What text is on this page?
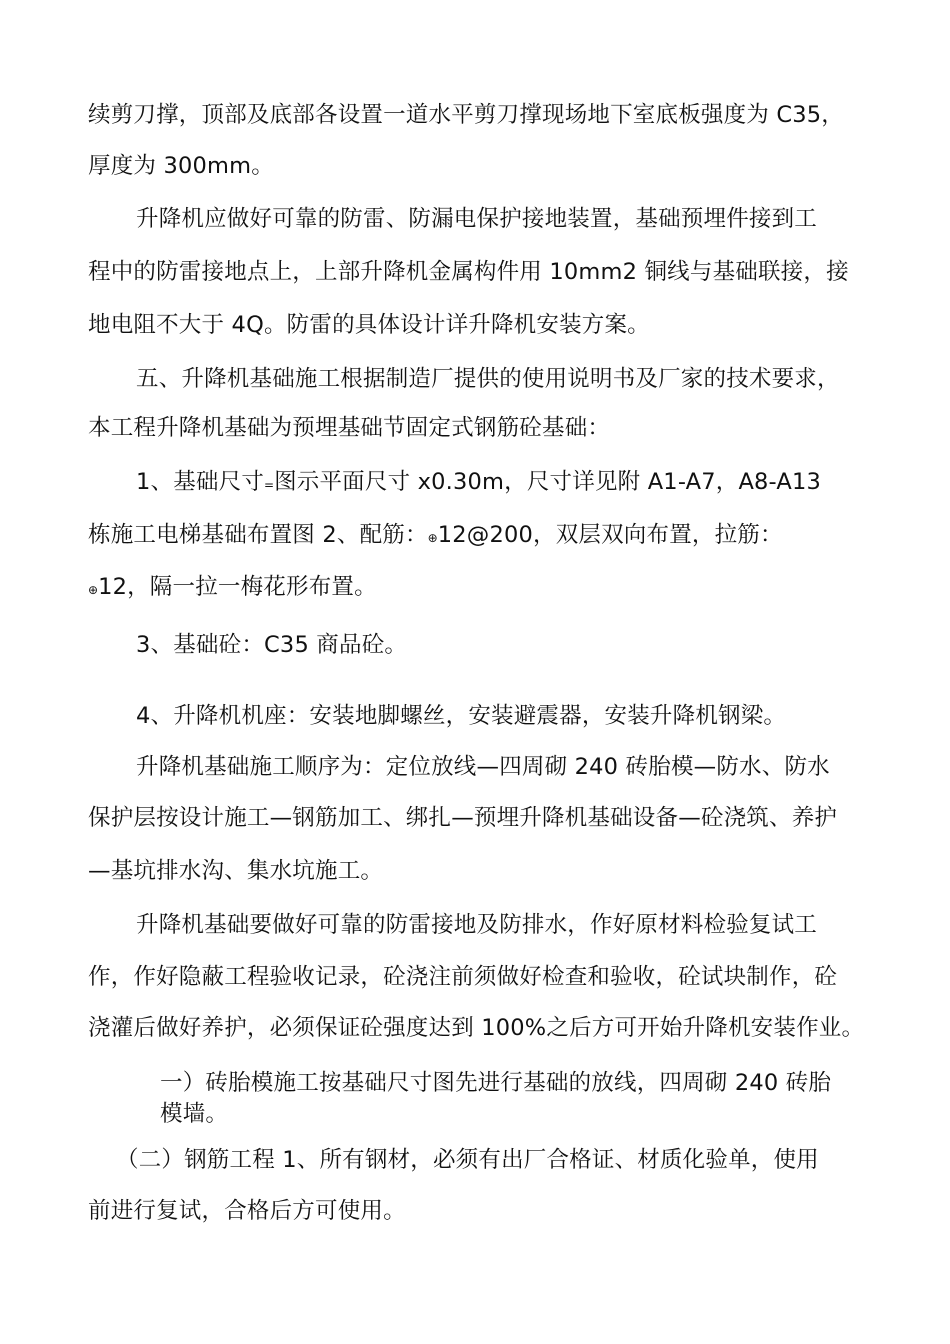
续剪刀撑，顶部及底部各设置一道水平剪刀撑现场地下室底板强度为 C35，
厚度为 300mm。
升降机应做好可靠的防雷、防漏电保护接地装置，基础预埋件接到工
程中的防雷接地点上，上部升降机金属构件用 10mm2 铜线与基础联接，接
地电阻不大于 4Q。防雷的具体设计详升降机安装方案。
五、升降机基础施工根据制造厂提供的使用说明书及厂家的技术要求，
本工程升降机基础为预埋基础节固定式钢筋砼基础：
1、基础尺寸=图示平面尺寸 x0.30m，尺寸详见附 A1-A7，A8-A13
栋施工电梯基础布置图 2、配筋：⊕12@200，双层双向布置，拉筋：
⊕12，隔一拉一梅花形布置。
3、基础砼：C35 商品砼。
4、升降机机座：安装地脚螺丝，安装避震器，安装升降机钢梁。
升降机基础施工顺序为：定位放线—四周砌 240 砖胎模—防水、防水
保护层按设计施工—钢筋加工、绑扎—预埋升降机基础设备—砼浇筑、养护
—基坑排水沟、集水坑施工。
升降机基础要做好可靠的防雷接地及防排水，作好原材料检验复试工
作，作好隐蔽工程验收记录，砼浇注前须做好检查和验收，砼试块制作，砼
浇灌后做好养护，必须保证砼强度达到 100%之后方可开始升降机安装作业。
一）砖胎模施工按基础尺寸图先进行基础的放线，四周砌 240 砖胎
模墙。
（二）钢筋工程 1、所有钢材，必须有出厂合格证、材质化验单，使用
前进行复试，合格后方可使用。
